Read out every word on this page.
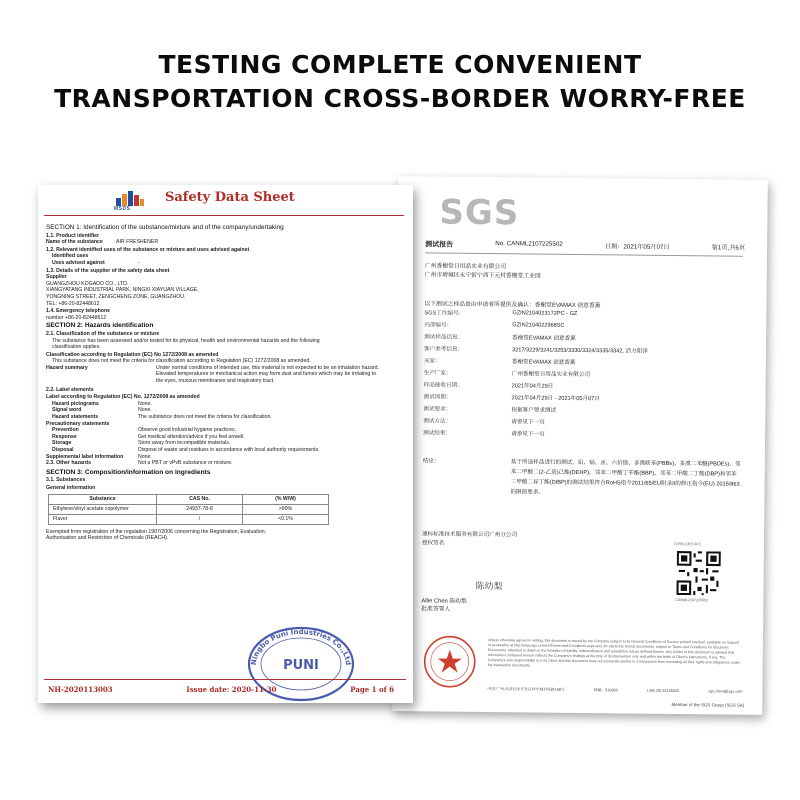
TESTING COMPLETE CONVENIENT
TRANSPORTATION CROSS-BORDER WORRY-FREE
SGS
测试报告	No. CANML2107225502	日期：2021年05月07日	第1页,共6页
广州香榭堂日用品实业有限公司
广州市增城区永宁街宁西下元村香榭堂工业园
以下测试之样品是由申请者所提供及确认：香榭堂EVAMAX 创意香薰
SGS工作编号：	GZIN2104023172PC - GZ
内部编号：	GZIN2104022968SC
测试样品信息：	香榭堂EVAMAX 创意香薰
客户参考信息：	3217/3229/3241/3253/3330/3324/3335/3342, 活力阳洋
买家：	香榭堂EVAMAX 创意香薰
生产厂家：	广州香榭堂日用品实业有限公司
样品接收日期：	2021年04月29日
测试周期：	2021年04月29日 - 2021年05月07日
测试要求：	根据客户要求测试
测试方法：	请参见下一页
测试结果：	请参见下一页
结论：	基于所送样品进行的测试，铅、镉、汞、六价铬、多溴联苯(PBBs)、多溴二苯醚(PBDEs)、邻苯二甲酸二(2-乙基)己酯(DEHP)、邻苯二甲酸丁苄酯(BBP)、邻苯二甲酸二丁酯(DBP)和邻苯二甲酸二异丁酯(DIBP)的测试结果符合RoHS指令2011/65/EU附录II的修正指令(EU) 2015/863的限值要求。
通标标准技术服务有限公司广州分公司
授权签名
陈幼梨
Allie Chen 陈幼梨
批准签署人
扫码验证报告真伪
CANML2107225502
Unless otherwise agreed in writing, this document is issued by the Company subject to its General Conditions of Service printed overleaf, available on request or accessible at http://www.sgs.com/en/Terms-and-Conditions.aspx and, for electronic format documents, subject to Terms and Conditions for Electronic Documents. Attention is drawn to the limitation of liability, indemnification and jurisdiction issues defined therein. Any holder of this document is advised that information contained hereon reflects the Company's findings at the time of its intervention only and within the limits of Client's instructions, if any. The Company's sole responsibility is to its Client and this document does not exonerate parties to a transaction from exercising all their rights and obligations under the transaction documents.
中国·广州·经济技术开发区科学城科珠路198号	邮编：510663	t (86-20) 82155555	sgs.china@sgs.com
Member of the SGS Group (SGS SA)
MSDS
Safety Data Sheet
SECTION 1: Identification of the substance/mixture and of the company/undertaking
1.1. Product identifier
Name of the substance	AIR FRESHENER
1.2. Relevant identified uses of the substance or mixture and uses advised against
Identified uses
Uses advised against	-
1.3. Details of the supplier of the safety data sheet
Supplier
GUANGZHOU KOGADO CO., LTD.
XIANGYATANG INDUSTRIAL PARK, NINGXI XIAYUAN VILLAGE,
YONGNING STREET, ZENGCHENG ZONE, GUANGZHOU.
TEL: +86-20-82448612
1.4. Emergency telephone
number +86-20-82448612
SECTION 2: Hazards identification
2.1. Classification of the substance or mixture
The substance has been assessed and/or tested for its physical, health and environmental hazards and the following
classification applies.
Classification according to Regulation (EC) No 1272/2008 as amended
This substance does not meet the criteria for classification according to Regulation (EC) 1272/2008 as amended.
Hazard summary	Under normal conditions of intended use, this material is not expected to be an inhalation hazard.
Elevated temperatures or mechanical action may form dust and fumes which may be irritating to
the eyes, mucous membranes and respiratory tract.
2.2. Label elements
Label according to Regulation (EC) No. 1272/2008 as amended
Hazard pictograms	None.
Signal word	None.
Hazard statements	The substance does not meet the criteria for classification.
Precautionary statements
Prevention	Observe good industrial hygiene practices.
Response	Get medical attention/advice if you feel unwell.
Storage	Store away from incompatible materials.
Disposal	Dispose of waste and residues in accordance with local authority requirements.
Supplemental label information	None.
2.3. Other hazards	Not a PBT or vPvB substance or mixture.
SECTION 3: Composition/information on ingredients
3.1. Substances
General information
Substance	CAS No.	(% W/W)
Ethylene/vinyl acetate copolymer	24937-78-8	>99%
Flavor	/	<0.1%
Exempted from registration of the regulation 1907/2006 concerning the Registration, Evaluation,
Authorisation and Restriction of Chemicals (REACH).
Ningbo Puni Industries Co.,Ltd
PUNI
NH-2020113003	Issue date: 2020-11-30	Page 1 of 6
